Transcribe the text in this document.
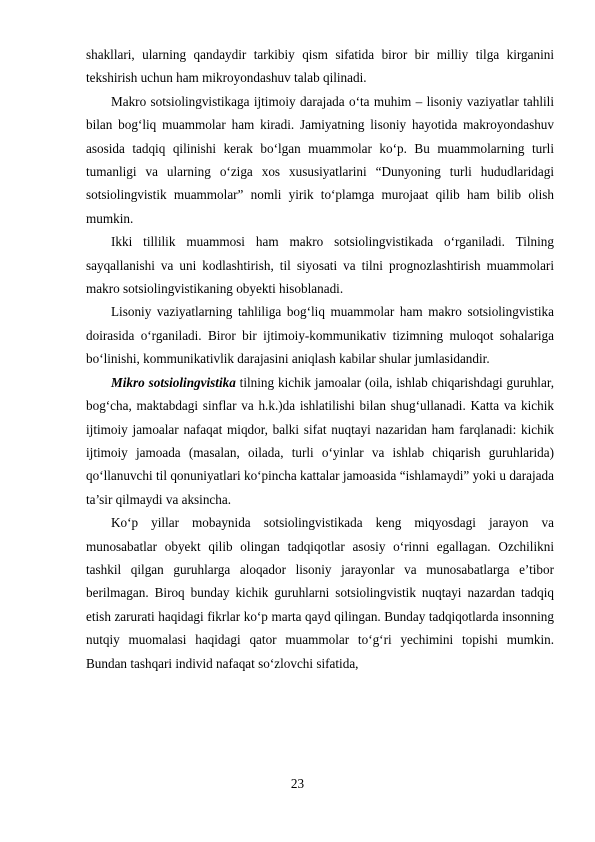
shakllari, ularning qandaydir tarkibiy qism sifatida biror bir milliy tilga kirganini tekshirish uchun ham mikroyondashuv talab qilinadi.

Makro sotsiolingvistikaga ijtimoiy darajada o‘ta muhim – lisoniy vaziyatlar tahlili bilan bog‘liq muammolar ham kiradi. Jamiyatning lisoniy hayotida makroyondashuv asosida tadqiq qilinishi kerak bo‘lgan muammolar ko‘p. Bu muammolarning turli tumanligi va ularning o‘ziga xos xususiyatlarini “Dunyoning turli hududlaridagi sotsiolingvistik muammolar” nomli yirik to‘plamga murojaat qilib ham bilib olish mumkin.

Ikki tillilik muammosi ham makro sotsiolingvistikada o‘rganiladi. Tilning sayqallanishi va uni kodlashtirish, til siyosati va tilni prognozlashtirish muammolari makro sotsiolingvistikaning obyekti hisoblanadi.

Lisoniy vaziyatlarning tahliliga bog‘liq muammolar ham makro sotsiolingvistika doirasida o‘rganiladi. Biror bir ijtimoiy-kommunikativ tizimning muloqot sohalariga bo‘linishi, kommunikativlik darajasini aniqlash kabilar shular jumlasidandir.

Mikro sotsiolingvistika tilning kichik jamoalar (oila, ishlab chiqarishdagi guruhlar, bog‘cha, maktabdagi sinflar va h.k.)da ishlatilishi bilan shug‘ullanadi. Katta va kichik ijtimoiy jamoalar nafaqat miqdor, balki sifat nuqtayi nazaridan ham farqlanadi: kichik ijtimoiy jamoada (masalan, oilada, turli o‘yinlar va ishlab chiqarish guruhlarida) qo‘llanuvchi til qonuniyatlari ko‘pincha kattalar jamoasida “ishlamaydi” yoki u darajada ta’sir qilmaydi va aksincha.

Ko‘p yillar mobaynida sotsiolingvistikada keng miqyosdagi jarayon va munosabatlar obyekt qilib olingan tadqiqotlar asosiy o‘rinni egallagan. Ozchilikni tashkil qilgan guruhlarga aloqador lisoniy jarayonlar va munosabatlarga e’tibor berilmagan. Biroq bunday kichik guruhlarni sotsiolingvistik nuqtayi nazardan tadqiq etish zarurati haqidagi fikrlar ko‘p marta qayd qilingan. Bunday tadqiqotlarda insonning nutqiy muomalasi haqidagi qator muammolar to‘g‘ri yechimini topishi mumkin. Bundan tashqari individ nafaqat so‘zlovchi sifatida,

23
